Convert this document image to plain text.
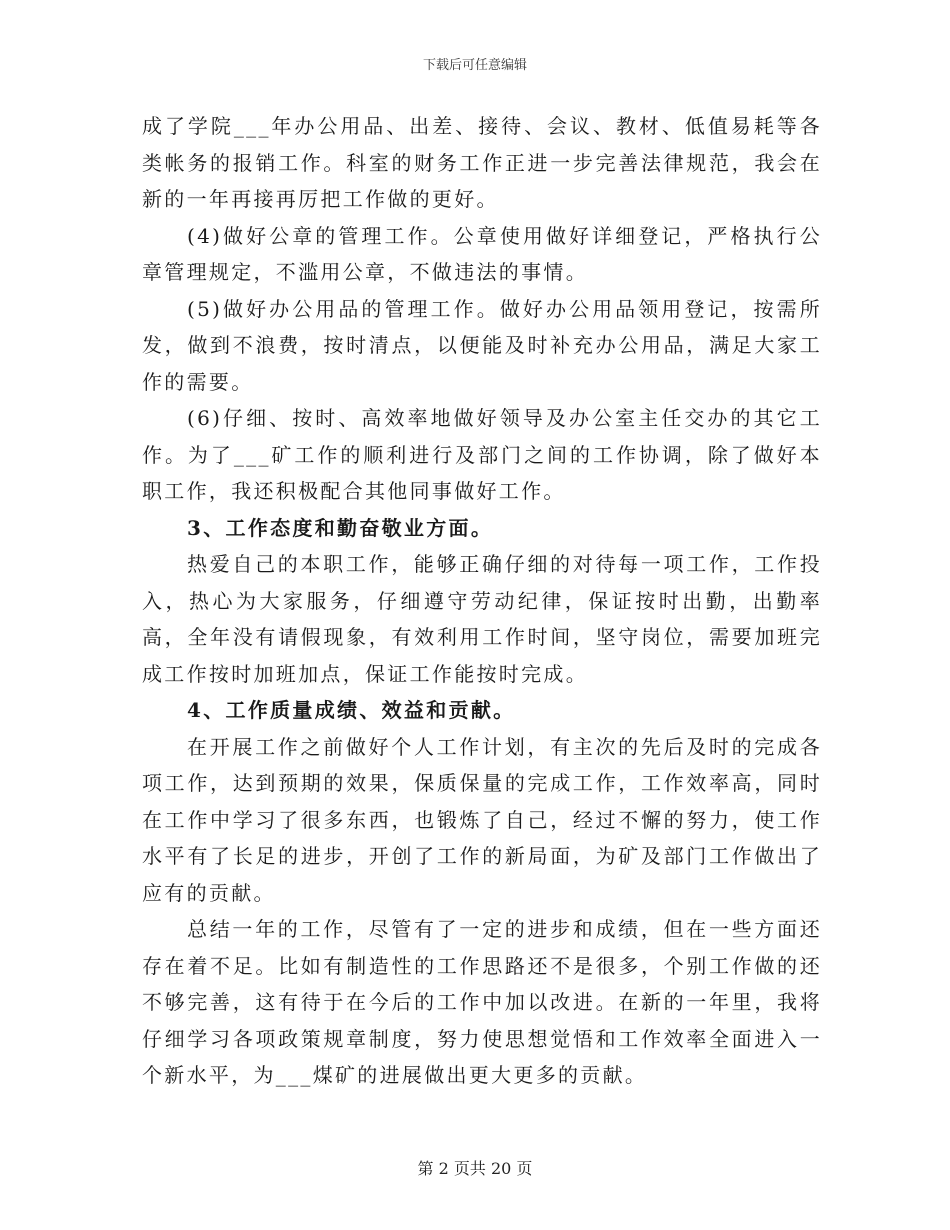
下载后可任意编辑

成了学院___年办公用品、出差、接待、会议、教材、低值易耗等各类帐务的报销工作。科室的财务工作正进一步完善法律规范，我会在新的一年再接再厉把工作做的更好。

(4)做好公章的管理工作。公章使用做好详细登记，严格执行公章管理规定，不滥用公章，不做违法的事情。

(5)做好办公用品的管理工作。做好办公用品领用登记，按需所发，做到不浪费，按时清点，以便能及时补充办公用品，满足大家工作的需要。

(6)仔细、按时、高效率地做好领导及办公室主任交办的其它工作。为了___矿工作的顺利进行及部门之间的工作协调，除了做好本职工作，我还积极配合其他同事做好工作。

3、工作态度和勤奋敬业方面。

热爱自己的本职工作，能够正确仔细的对待每一项工作，工作投入，热心为大家服务，仔细遵守劳动纪律，保证按时出勤，出勤率高，全年没有请假现象，有效利用工作时间，坚守岗位，需要加班完成工作按时加班加点，保证工作能按时完成。

4、工作质量成绩、效益和贡献。

在开展工作之前做好个人工作计划，有主次的先后及时的完成各项工作，达到预期的效果，保质保量的完成工作，工作效率高，同时在工作中学习了很多东西，也锻炼了自己，经过不懈的努力，使工作水平有了长足的进步，开创了工作的新局面，为矿及部门工作做出了应有的贡献。

总结一年的工作，尽管有了一定的进步和成绩，但在一些方面还存在着不足。比如有制造性的工作思路还不是很多，个别工作做的还不够完善，这有待于在今后的工作中加以改进。在新的一年里，我将仔细学习各项政策规章制度，努力使思想觉悟和工作效率全面进入一个新水平，为___煤矿的进展做出更大更多的贡献。

第 2 页共 20 页
